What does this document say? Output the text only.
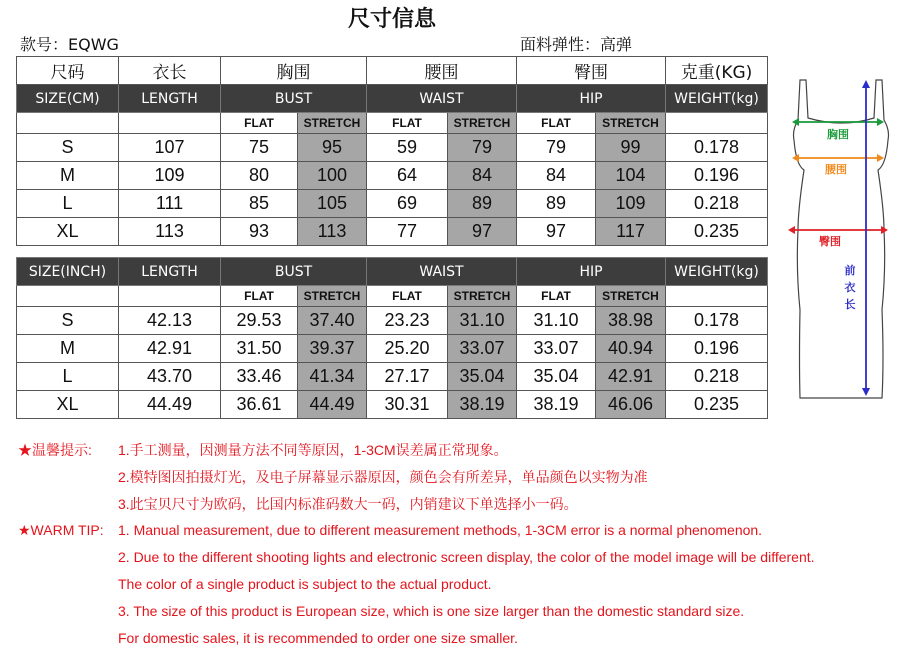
尺寸信息
款号：EQWG	面料弹性：高弹
尺码	衣长	胸围		腰围		臀围		克重(KG)
SIZE(CM)	LENGTH	BUST		WAIST		HIP		WEIGHT(kg)
		FLAT	STRETCH	FLAT	STRETCH	FLAT	STRETCH	
S	107	75	95	59	79	79	99	0.178
M	109	80	100	64	84	84	104	0.196
L	111	85	105	69	89	89	109	0.218
XL	113	93	113	77	97	97	117	0.235
SIZE(INCH)	LENGTH	BUST		WAIST		HIP		WEIGHT(kg)
		FLAT	STRETCH	FLAT	STRETCH	FLAT	STRETCH	
S	42.13	29.53	37.40	23.23	31.10	31.10	38.98	0.178
M	42.91	31.50	39.37	25.20	33.07	33.07	40.94	0.196
L	43.70	33.46	41.34	27.17	35.04	35.04	42.91	0.218
XL	44.49	36.61	44.49	30.31	38.19	38.19	46.06	0.235
胸围
腰围
臀围
前
衣
长
★温馨提示: 1.手工测量，因测量方法不同等原因，1-3CM误差属正常现象。
2.模特图因拍摄灯光，及电子屏幕显示器原因，颜色会有所差异，单品颜色以实物为准
3.此宝贝尺寸为欧码，比国内标准码数大一码，内销建议下单选择小一码。
★WARM TIP: 1. Manual measurement, due to different measurement methods, 1-3CM error is a normal phenomenon.
2. Due to the different shooting lights and electronic screen display, the color of the model image will be different.
The color of a single product is subject to the actual product.
3. The size of this product is European size, which is one size larger than the domestic standard size.
For domestic sales, it is recommended to order one size smaller.
